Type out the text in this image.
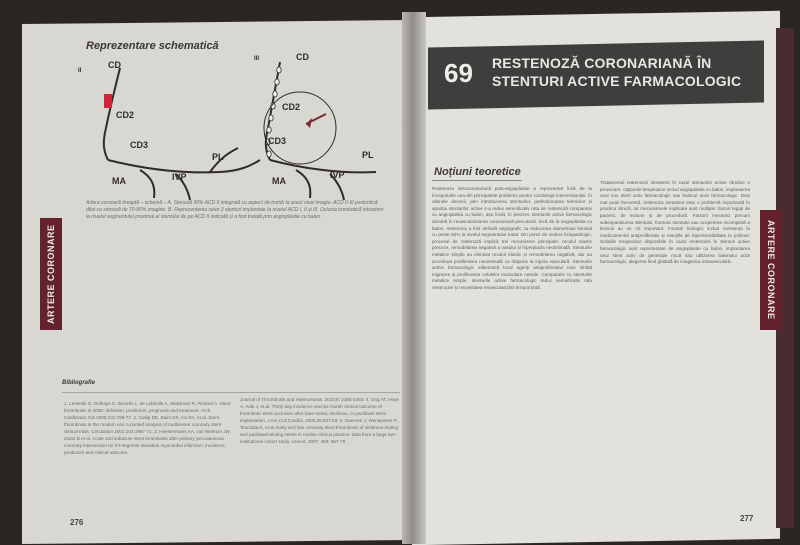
Reprezentare schematică
II
CD
CD2
CD3
PL
MA	IVP
III	CD
CD2
CD3
PL
MA
IVP
Artera coronară dreaptă – schemă – A. Stenoză 99% ACD II integrată cu aspect de tromb la acest nivel imagiu. ACD II-III postcritică dilat ca stenoză de 70-80% imagine. B. Reprezentarea celor 3 stenturi implantate la nivelul ACD I, II și III. Ocluzia trombotică intrastent la nivelul segmentului proximal al stentului de pe ACD II indicată și a fost tratată prin angioplastie cu balon.
ARTERE CORONARE
Bibliografie
1. Lemesle G, Delhaye C, Bonello L, de Labriolle A, Waksman R, Pichard A. Stent thrombosis in 2008: definition, predictors, prognosis and treatment. Arch Cardiovasc Dis 2008;101:769-77. 2. Cutlip DE, Baim DS, Ho KK, et al. Stent thrombosis in the modern era: a pooled analysis of multicenter coronary stent clinical trials. Circulation 2001;103:1967-71. 3. Heestermans AA, van Werkum JW, Zwart B et al. Acute and subacute stent thrombosis after primary percutaneous coronary intervention for ST-segment elevation myocardial infarction: incidence, predictors and clinical outcome.
Journal of Thrombosis and Haemostasis. 2010;8: 2385-2393. 4. Ong AT, Hoye A, Aoki J, et al. Thirty-day incidence and six-month clinical outcome of thrombotic stent occlusion after bare-metal, sirolimus, or paclitaxel stent implantation. J Am Coll Cardiol. 2005;45:947-53. 5. Daemen J, Wenaweser P, Tsuchida K, et al. Early and late coronary stent thrombosis of sirolimus-eluting and paclitaxel-eluting stents in routine clinical practice: data from a large two-institutional cohort study. Lancet. 2007; 369: 667-78.
276
69 RESTENOZĂ CORONARIANĂ ÎN STENTURI ACTIVE FARMACOLOGIC
Noțiuni teoretice
Restenoza intracoronariană post-angioplastie a reprezentat încă de la începuturile una din principalele probleme pentru cardiologii intervenționiști. În ultimele decenii, prin introducerea stenturilor, perfecționarea tehnicilor și apariția stenturilor active s-a redus semnificativ rata de restenoză comparativ cu angioplastia cu balon, așa încât, în prezent, stenturile active farmacologic domină în revascularizarea coronariană percutană. Încă de la angioplastia cu balon, restenoza a fost definită angiografic ca reducerea diametrului luminal cu peste 50% la nivelul segmentului tratat. Din punct de vedere fiziopatologic, procesul de restenoză implică trei mecanisme principale: reculul elastic precoce, remodelarea negativă a vasului și hiperplazia neointimală. Stenturile metalice simple au eliminat reculul elastic și remodelarea negativă, dar au accentuat proliferarea neointimală ca răspuns la injuria vasculară. Stenturile active farmacologic eliberează local agenți antiproliferativi care inhibă migrarea și proliferarea celulelor musculare netede. Comparativ cu stenturile metalice simple, stenturile active farmacologic reduc semnificativ rata restenozei și necesitatea revascularizării leziunii țintă.
Tratamentul restenozei intrastent în cazul stenturilor active rămâne o provocare. Opțiunile terapeutice includ angioplastia cu balon, implantarea unui nou stent activ farmacologic sau balonul activ farmacologic. Deși mai puțin frecventă, restenoza intrastent este o problemă importantă în practica clinică, iar mecanismele implicate sunt multiple: factori legați de pacient, de leziune și de procedură. Factorii mecanici precum subexpansiunea stentului, fractura stentului sau acoperirea incompletă a leziunii au un rol important. Factorii biologici includ rezistența la medicamentul antiproliferativ și reacțiile de hipersensibilitate la polimer. Soluțiile terapeutice disponibile în cazul restenozei în stenturi active farmacologic sunt reprezentate de angioplastie cu balon, implantarea unui stent activ de generație nouă sau utilizarea balonului activ farmacologic, alegerea fiind ghidată de imagistica intravasculară.	ARTERE CORONARE
277
